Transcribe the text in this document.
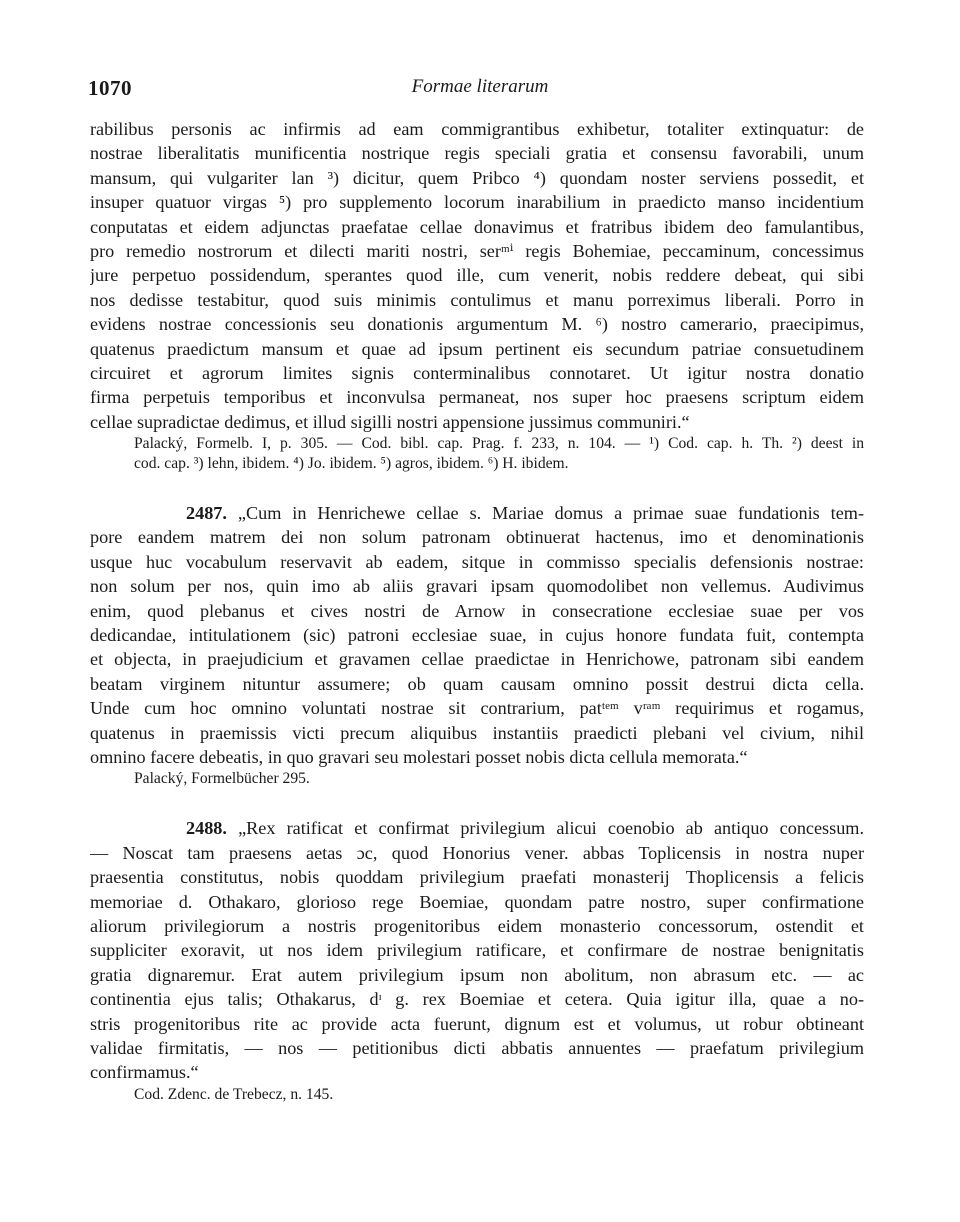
1070	Formae literarum
rabilibus personis ac infirmis ad eam commigrantibus exhibetur, totaliter extinquatur: de
nostrae liberalitatis munificentia nostrique regis speciali gratia et consensu favorabili, unum
mansum, qui vulgariter lan ³) dicitur, quem Pribco ⁴) quondam noster serviens possedit, et
insuper quatuor virgas ⁵) pro supplemento locorum inarabilium in praedicto manso incidentium
conputatas et eidem adjunctas praefatae cellae donavimus et fratribus ibidem deo famulantibus,
pro remedio nostrorum et dilecti mariti nostri, serᵐⁱ regis Bohemiae, peccaminum, concessimus
jure perpetuo possidendum, sperantes quod ille, cum venerit, nobis reddere debeat, qui sibi
nos dedisse testabitur, quod suis minimis contulimus et manu porreximus liberali. Porro in
evidens nostrae concessionis seu donationis argumentum M. ⁶) nostro camerario, praecipimus,
quatenus praedictum mansum et quae ad ipsum pertinent eis secundum patriae consuetudinem
circuiret et agrorum limites signis conterminalibus connotaret. Ut igitur nostra donatio
firma perpetuis temporibus et inconvulsa permaneat, nos super hoc praesens scriptum eidem
cellae supradictae dedimus, et illud sigilli nostri appensione jussimus communiri.“
Palacký, Formelb. I, p. 305. — Cod. bibl. cap. Prag. f. 233, n. 104. — ¹) Cod. cap. h. Th. ²) deest in
cod. cap. ³) lehn, ibidem. ⁴) Jo. ibidem. ⁵) agros, ibidem. ⁶) H. ibidem.
2487. „Cum in Henrichewe cellae s. Mariae domus a primae suae fundationis tem-
pore eandem matrem dei non solum patronam obtinuerat hactenus, imo et denominationis
usque huc vocabulum reservavit ab eadem, sitque in commisso specialis defensionis nostrae:
non solum per nos, quin imo ab aliis gravari ipsam quomodolibet non vellemus. Audivimus
enim, quod plebanus et cives nostri de Arnow in consecratione ecclesiae suae per vos
dedicandae, intitulationem (sic) patroni ecclesiae suae, in cujus honore fundata fuit, contempta
et objecta, in praejudicium et gravamen cellae praedictae in Henrichowe, patronam sibi eandem
beatam virginem nituntur assumere; ob quam causam omnino possit destrui dicta cella.
Unde cum hoc omnino voluntati nostrae sit contrarium, patᵗᵉᵐ vʳᵃᵐ requirimus et rogamus,
quatenus in praemissis victi precum aliquibus instantiis praedicti plebani vel civium, nihil
omnino facere debeatis, in quo gravari seu molestari posset nobis dicta cellula memorata.“
Palacký, Formelbücher 295.
2488. „Rex ratificat et confirmat privilegium alicui coenobio ab antiquo concessum.
— Noscat tam praesens aetas ɔc, quod Honorius vener. abbas Toplicensis in nostra nuper
praesentia constitutus, nobis quoddam privilegium praefati monasterij Thoplicensis a felicis
memoriae d. Othakaro, glorioso rege Boemiae, quondam patre nostro, super confirmatione
aliorum privilegiorum a nostris progenitoribus eidem monasterio concessorum, ostendit et
suppliciter exoravit, ut nos idem privilegium ratificare, et confirmare de nostrae benignitatis
gratia dignaremur. Erat autem privilegium ipsum non abolitum, non abrasum etc. — ac
continentia ejus talis; Othakarus, dᶦ g. rex Boemiae et cetera. Quia igitur illa, quae a no-
stris progenitoribus rite ac provide acta fuerunt, dignum est et volumus, ut robur obtineant
validae firmitatis, — nos — petitionibus dicti abbatis annuentes — praefatum privilegium
confirmamus.“
Cod. Zdenc. de Trebecz, n. 145.
